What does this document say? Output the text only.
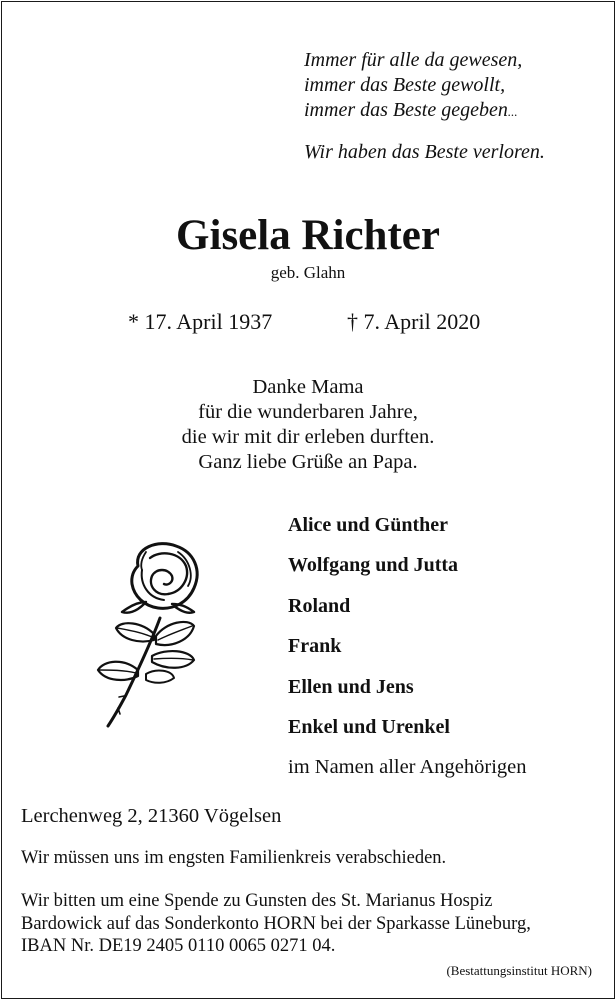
Immer für alle da gewesen,
immer das Beste gewollt,
immer das Beste gegeben...
Wir haben das Beste verloren.
Gisela Richter
geb. Glahn
* 17. April 1937	† 7. April 2020
Danke Mama
für die wunderbaren Jahre,
die wir mit dir erleben durften.
Ganz liebe Grüße an Papa.
Alice und Günther
Wolfgang und Jutta
Roland
Frank
Ellen und Jens
Enkel und Urenkel
im Namen aller Angehörigen
Lerchenweg 2, 21360 Vögelsen
Wir müssen uns im engsten Familienkreis verabschieden.
Wir bitten um eine Spende zu Gunsten des St. Marianus Hospiz
Bardowick auf das Sonderkonto HORN bei der Sparkasse Lüneburg,
IBAN Nr. DE19 2405 0110 0065 0271 04.
(Bestattungsinstitut HORN)
